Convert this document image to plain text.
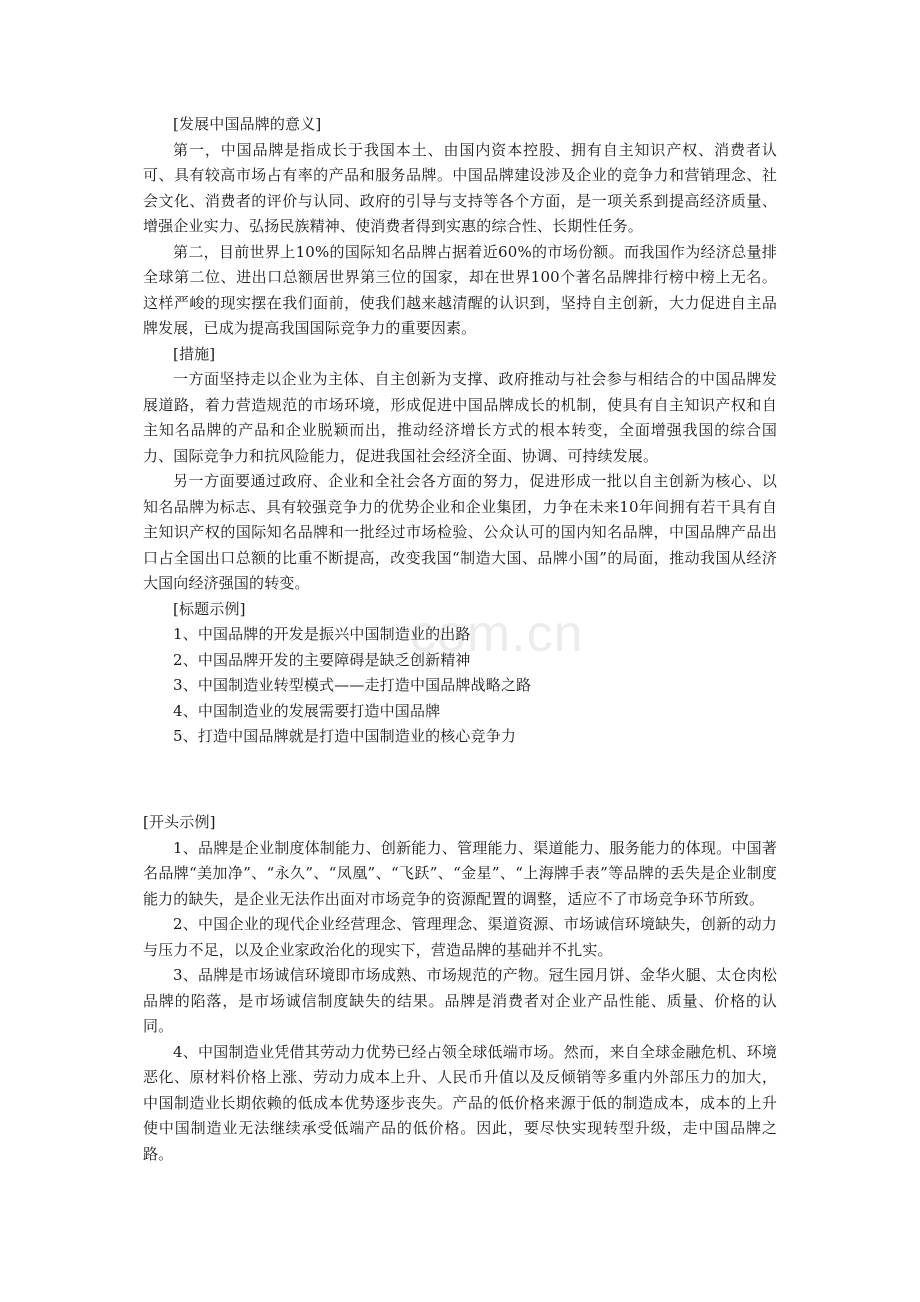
com.cn

[发展中国品牌的意义]

第一，中国品牌是指成长于我国本土、由国内资本控股、拥有自主知识产权、消费者认可、具有较高市场占有率的产品和服务品牌。中国品牌建设涉及企业的竞争力和营销理念、社会文化、消费者的评价与认同、政府的引导与支持等各个方面，是一项关系到提高经济质量、增强企业实力、弘扬民族精神、使消费者得到实惠的综合性、长期性任务。

第二，目前世界上10%的国际知名品牌占据着近60%的市场份额。而我国作为经济总量排全球第二位、进出口总额居世界第三位的国家，却在世界100个著名品牌排行榜中榜上无名。这样严峻的现实摆在我们面前，使我们越来越清醒的认识到，坚持自主创新，大力促进自主品牌发展，已成为提高我国国际竞争力的重要因素。

[措施]

一方面坚持走以企业为主体、自主创新为支撑、政府推动与社会参与相结合的中国品牌发展道路，着力营造规范的市场环境，形成促进中国品牌成长的机制，使具有自主知识产权和自主知名品牌的产品和企业脱颖而出，推动经济增长方式的根本转变，全面增强我国的综合国力、国际竞争力和抗风险能力，促进我国社会经济全面、协调、可持续发展。

另一方面要通过政府、企业和全社会各方面的努力，促进形成一批以自主创新为核心、以知名品牌为标志、具有较强竞争力的优势企业和企业集团，力争在未来10年间拥有若干具有自主知识产权的国际知名品牌和一批经过市场检验、公众认可的国内知名品牌，中国品牌产品出口占全国出口总额的比重不断提高，改变我国“制造大国、品牌小国”的局面，推动我国从经济大国向经济强国的转变。

[标题示例]

1、中国品牌的开发是振兴中国制造业的出路

2、中国品牌开发的主要障碍是缺乏创新精神

3、中国制造业转型模式——走打造中国品牌战略之路

4、中国制造业的发展需要打造中国品牌

5、打造中国品牌就是打造中国制造业的核心竞争力

[开头示例]

1、品牌是企业制度体制能力、创新能力、管理能力、渠道能力、服务能力的体现。中国著名品牌“美加净”、“永久”、“凤凰”、“飞跃”、“金星”、“上海牌手表”等品牌的丢失是企业制度能力的缺失，是企业无法作出面对市场竞争的资源配置的调整，适应不了市场竞争环节所致。

2、中国企业的现代企业经营理念、管理理念、渠道资源、市场诚信环境缺失，创新的动力与压力不足，以及企业家政治化的现实下，营造品牌的基础并不扎实。

3、品牌是市场诚信环境即市场成熟、市场规范的产物。冠生园月饼、金华火腿、太仓肉松品牌的陷落，是市场诚信制度缺失的结果。品牌是消费者对企业产品性能、质量、价格的认同。

4、中国制造业凭借其劳动力优势已经占领全球低端市场。然而，来自全球金融危机、环境恶化、原材料价格上涨、劳动力成本上升、人民币升值以及反倾销等多重内外部压力的加大，中国制造业长期依赖的低成本优势逐步丧失。产品的低价格来源于低的制造成本，成本的上升使中国制造业无法继续承受低端产品的低价格。因此，要尽快实现转型升级，走中国品牌之路。
